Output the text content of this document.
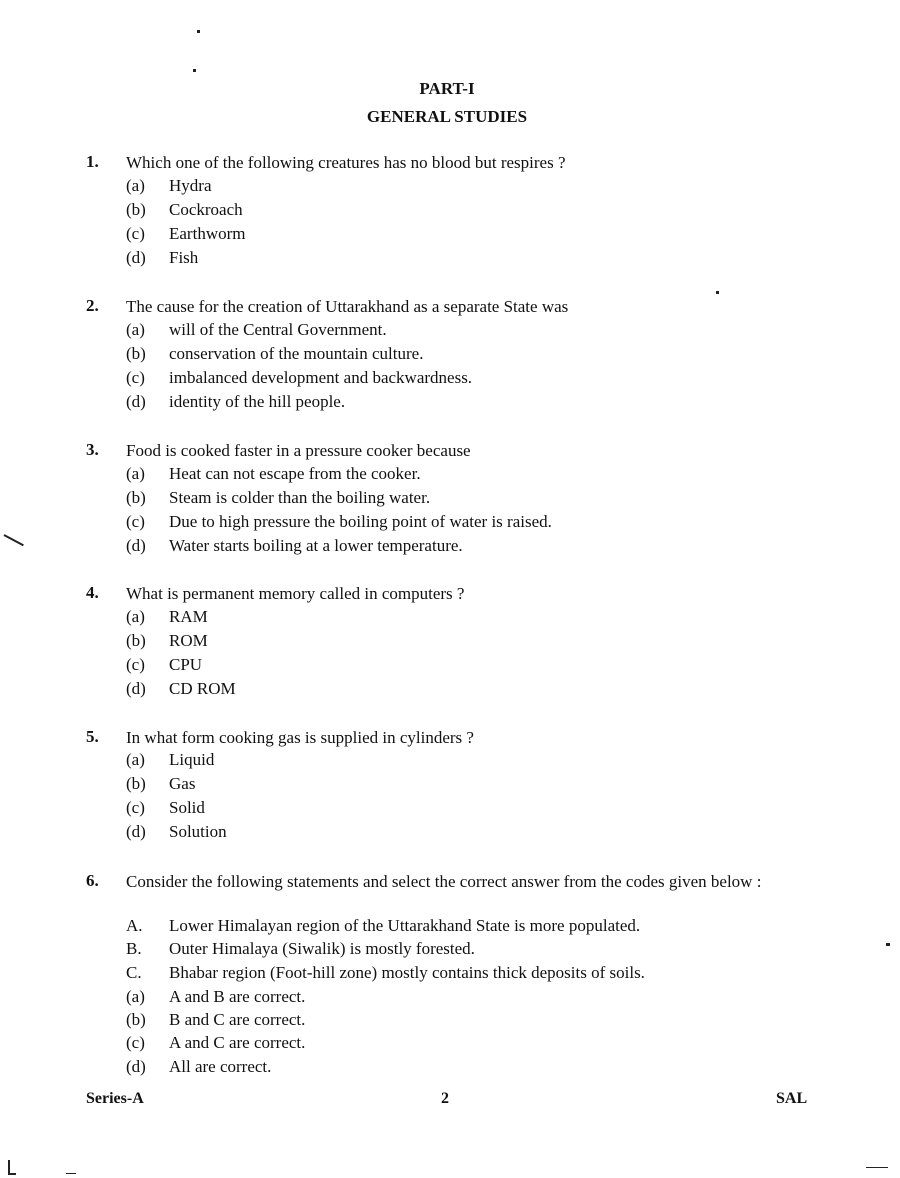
PART-I
GENERAL STUDIES
1. Which one of the following creatures has no blood but respires ?
(a) Hydra
(b) Cockroach
(c) Earthworm
(d) Fish
2. The cause for the creation of Uttarakhand as a separate State was
(a) will of the Central Government.
(b) conservation of the mountain culture.
(c) imbalanced development and backwardness.
(d) identity of the hill people.
3. Food is cooked faster in a pressure cooker because
(a) Heat can not escape from the cooker.
(b) Steam is colder than the boiling water.
(c) Due to high pressure the boiling point of water is raised.
(d) Water starts boiling at a lower temperature.
4. What is permanent memory called in computers ?
(a) RAM
(b) ROM
(c) CPU
(d) CD ROM
5. In what form cooking gas is supplied in cylinders ?
(a) Liquid
(b) Gas
(c) Solid
(d) Solution
6. Consider the following statements and select the correct answer from the codes given below :
A. Lower Himalayan region of the Uttarakhand State is more populated.
B. Outer Himalaya (Siwalik) is mostly forested.
C. Bhabar region (Foot-hill zone) mostly contains thick deposits of soils.
(a) A and B are correct.
(b) B and C are correct.
(c) A and C are correct.
(d) All are correct.
Series-A	2	SAL
